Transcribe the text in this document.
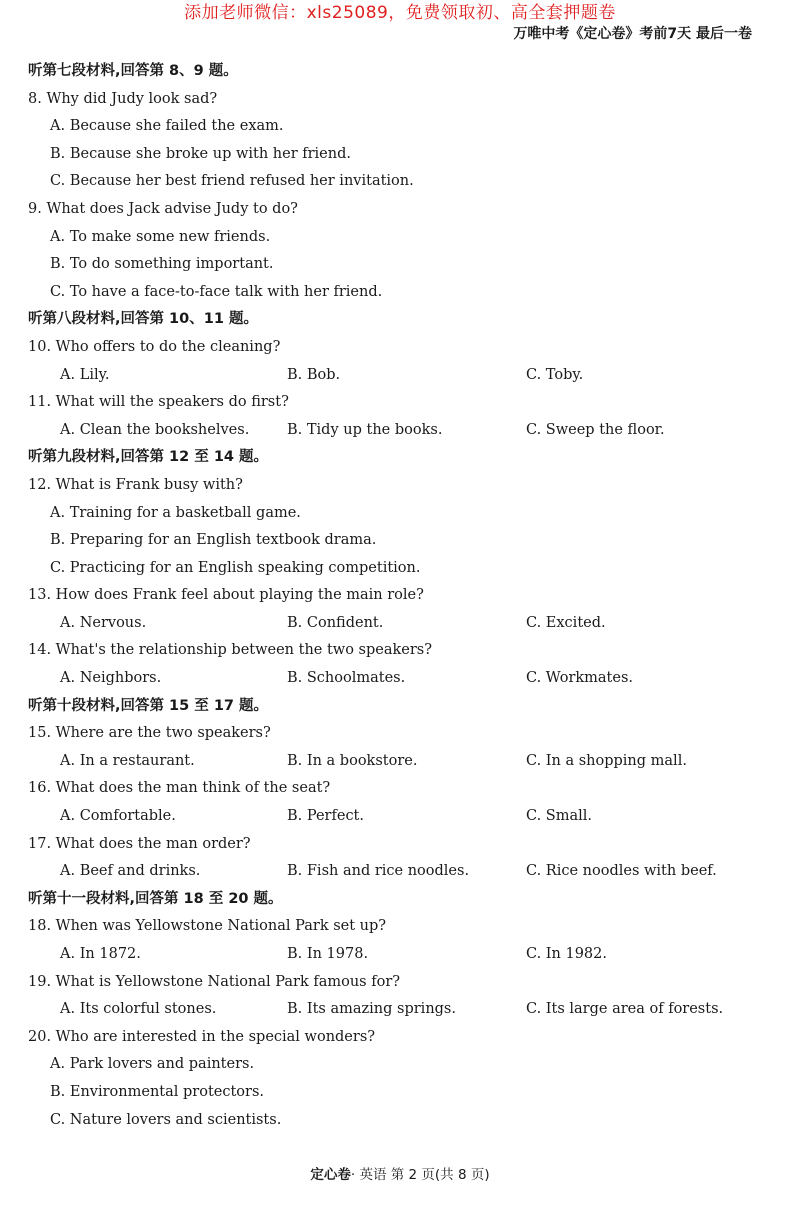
添加老师微信：xls25089，免费领取初、高全套押题卷
万唯中考《定心卷》考前7天 最后一卷
听第七段材料,回答第 8、9 题。
8. Why did Judy look sad?
A. Because she failed the exam.
B. Because she broke up with her friend.
C. Because her best friend refused her invitation.
9. What does Jack advise Judy to do?
A. To make some new friends.
B. To do something important.
C. To have a face-to-face talk with her friend.
听第八段材料,回答第 10、11 题。
10. Who offers to do the cleaning?
A. Lily.	B. Bob.	C. Toby.
11. What will the speakers do first?
A. Clean the bookshelves.	B. Tidy up the books.	C. Sweep the floor.
听第九段材料,回答第 12 至 14 题。
12. What is Frank busy with?
A. Training for a basketball game.
B. Preparing for an English textbook drama.
C. Practicing for an English speaking competition.
13. How does Frank feel about playing the main role?
A. Nervous.	B. Confident.	C. Excited.
14. What's the relationship between the two speakers?
A. Neighbors.	B. Schoolmates.	C. Workmates.
听第十段材料,回答第 15 至 17 题。
15. Where are the two speakers?
A. In a restaurant.	B. In a bookstore.	C. In a shopping mall.
16. What does the man think of the seat?
A. Comfortable.	B. Perfect.	C. Small.
17. What does the man order?
A. Beef and drinks.	B. Fish and rice noodles.	C. Rice noodles with beef.
听第十一段材料,回答第 18 至 20 题。
18. When was Yellowstone National Park set up?
A. In 1872.	B. In 1978.	C. In 1982.
19. What is Yellowstone National Park famous for?
A. Its colorful stones.	B. Its amazing springs.	C. Its large area of forests.
20. Who are interested in the special wonders?
A. Park lovers and painters.
B. Environmental protectors.
C. Nature lovers and scientists.
定心卷· 英语 第 2 页(共 8 页)
